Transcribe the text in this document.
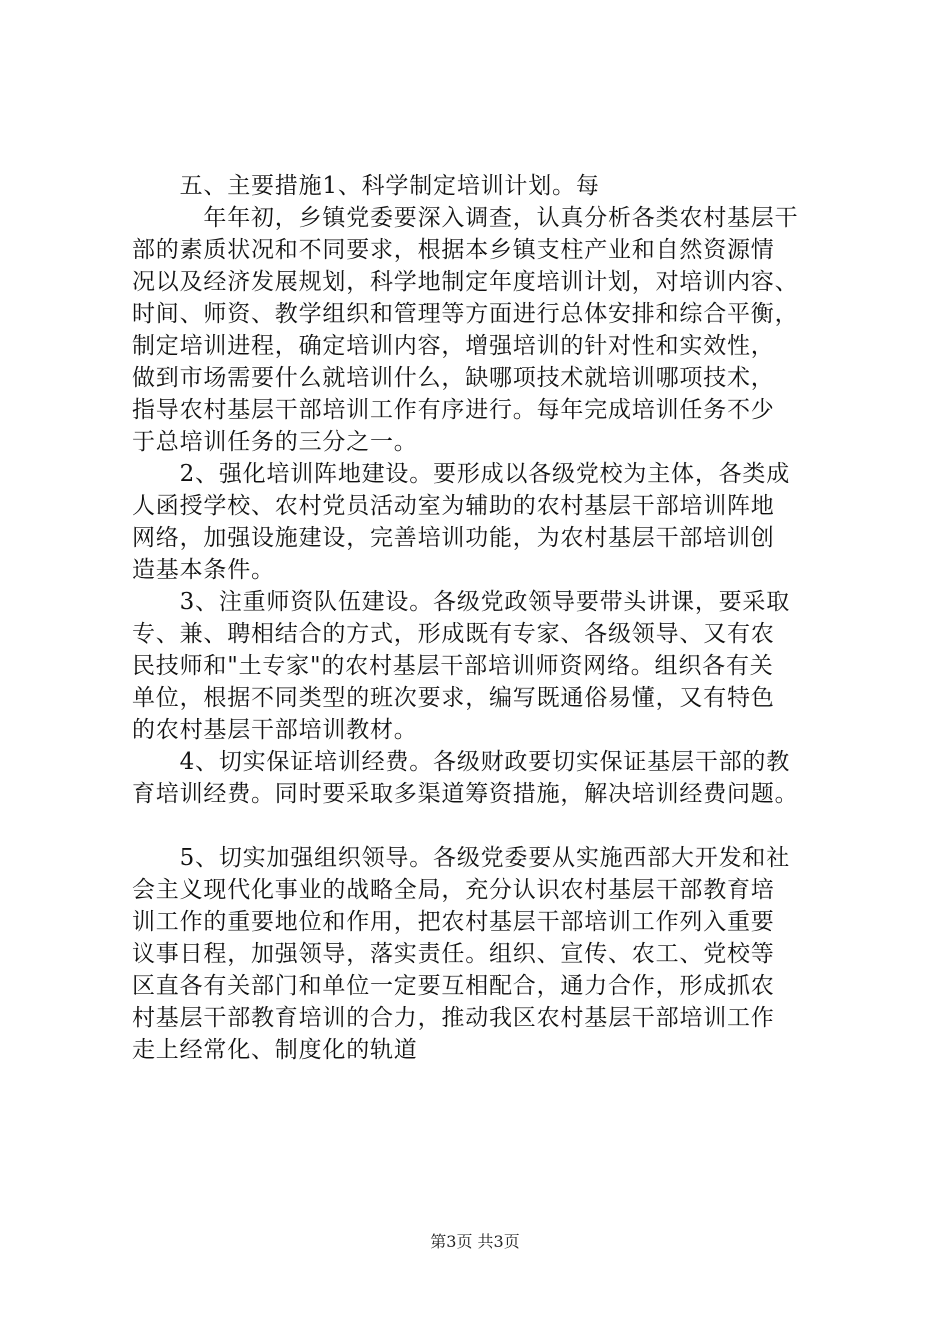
　　五、主要措施1、科学制定培训计划。每
　　　年年初，乡镇党委要深入调查，认真分析各类农村基层干
部的素质状况和不同要求，根据本乡镇支柱产业和自然资源情
况以及经济发展规划，科学地制定年度培训计划，对培训内容、
时间、师资、教学组织和管理等方面进行总体安排和综合平衡，
制定培训进程，确定培训内容，增强培训的针对性和实效性，
做到市场需要什么就培训什么，缺哪项技术就培训哪项技术，
指导农村基层干部培训工作有序进行。每年完成培训任务不少
于总培训任务的三分之一。
　　2、强化培训阵地建设。要形成以各级党校为主体，各类成
人函授学校、农村党员活动室为辅助的农村基层干部培训阵地
网络，加强设施建设，完善培训功能，为农村基层干部培训创
造基本条件。
　　3、注重师资队伍建设。各级党政领导要带头讲课，要采取
专、兼、聘相结合的方式，形成既有专家、各级领导、又有农
民技师和"土专家"的农村基层干部培训师资网络。组织各有关
单位，根据不同类型的班次要求，编写既通俗易懂，又有特色
的农村基层干部培训教材。
　　4、切实保证培训经费。各级财政要切实保证基层干部的教
育培训经费。同时要采取多渠道筹资措施，解决培训经费问题。
　　5、切实加强组织领导。各级党委要从实施西部大开发和社
会主义现代化事业的战略全局，充分认识农村基层干部教育培
训工作的重要地位和作用，把农村基层干部培训工作列入重要
议事日程，加强领导，落实责任。组织、宣传、农工、党校等
区直各有关部门和单位一定要互相配合，通力合作，形成抓农
村基层干部教育培训的合力，推动我区农村基层干部培训工作
走上经常化、制度化的轨道
第3页 共3页
